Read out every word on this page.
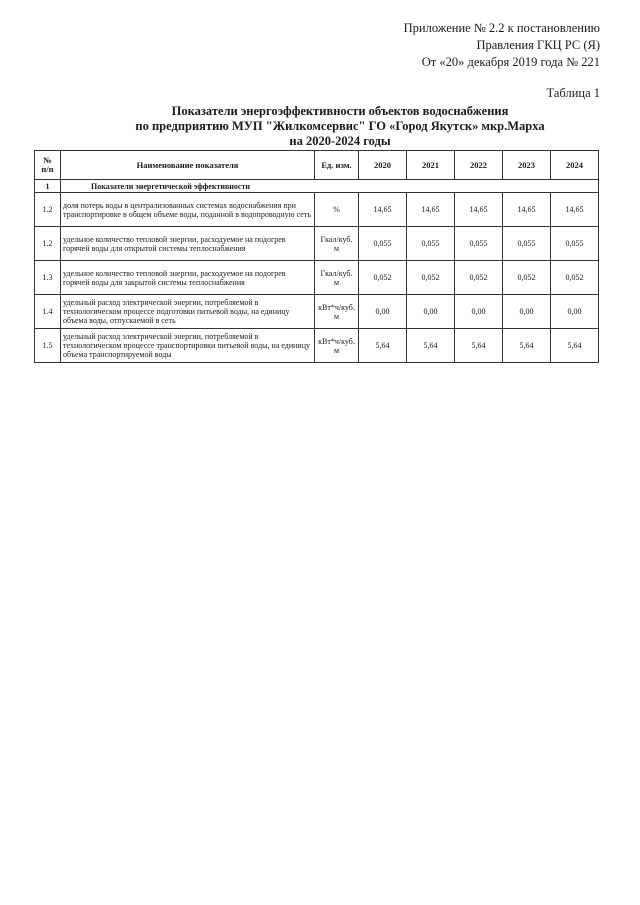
Приложение № 2.2 к постановлению
Правления ГКЦ РС (Я)
От «20» декабря 2019 года № 221
Таблица 1
Показатели энергоэффективности объектов водоснабжения
по предприятию МУП "Жилкомсервис" ГО «Город Якутск» мкр.Марха
на 2020-2024 годы
№
п/п	Наименование показателя	Ед. изм.	2020	2021	2022	2023	2024
1	Показатели энергетической эффективности						
1.2	доля потерь воды в централизованных системах водоснабжения при транспортировке в общем объеме воды, поданной в водопроводную сеть	%	14,65	14,65	14,65	14,65	14,65
1.2	удельное количество тепловой энергии, расходуемое на подогрев горячей воды для открытой системы теплоснабжения	Гкал/куб. м	0,055	0,055	0,055	0,055	0,055
1.3	удельное количество тепловой энергии, расходуемое на подогрев горячей воды для закрытой системы теплоснабжения	Гкал/куб. м	0,052	0,052	0,052	0,052	0,052
1.4	удельный расход электрической энергии, потребляемой в технологическом процессе подготовки питьевой воды, на единицу объема воды, отпускаемой в сеть	кВт*ч/куб. м	0,00	0,00	0,00	0,00	0,00
1.5	удельный расход электрической энергии, потребляемой в технологическом процессе транспортировки питьевой воды, на единицу объема транспортируемой воды	кВт*ч/куб. м	5,64	5,64	5,64	5,64	5,64
